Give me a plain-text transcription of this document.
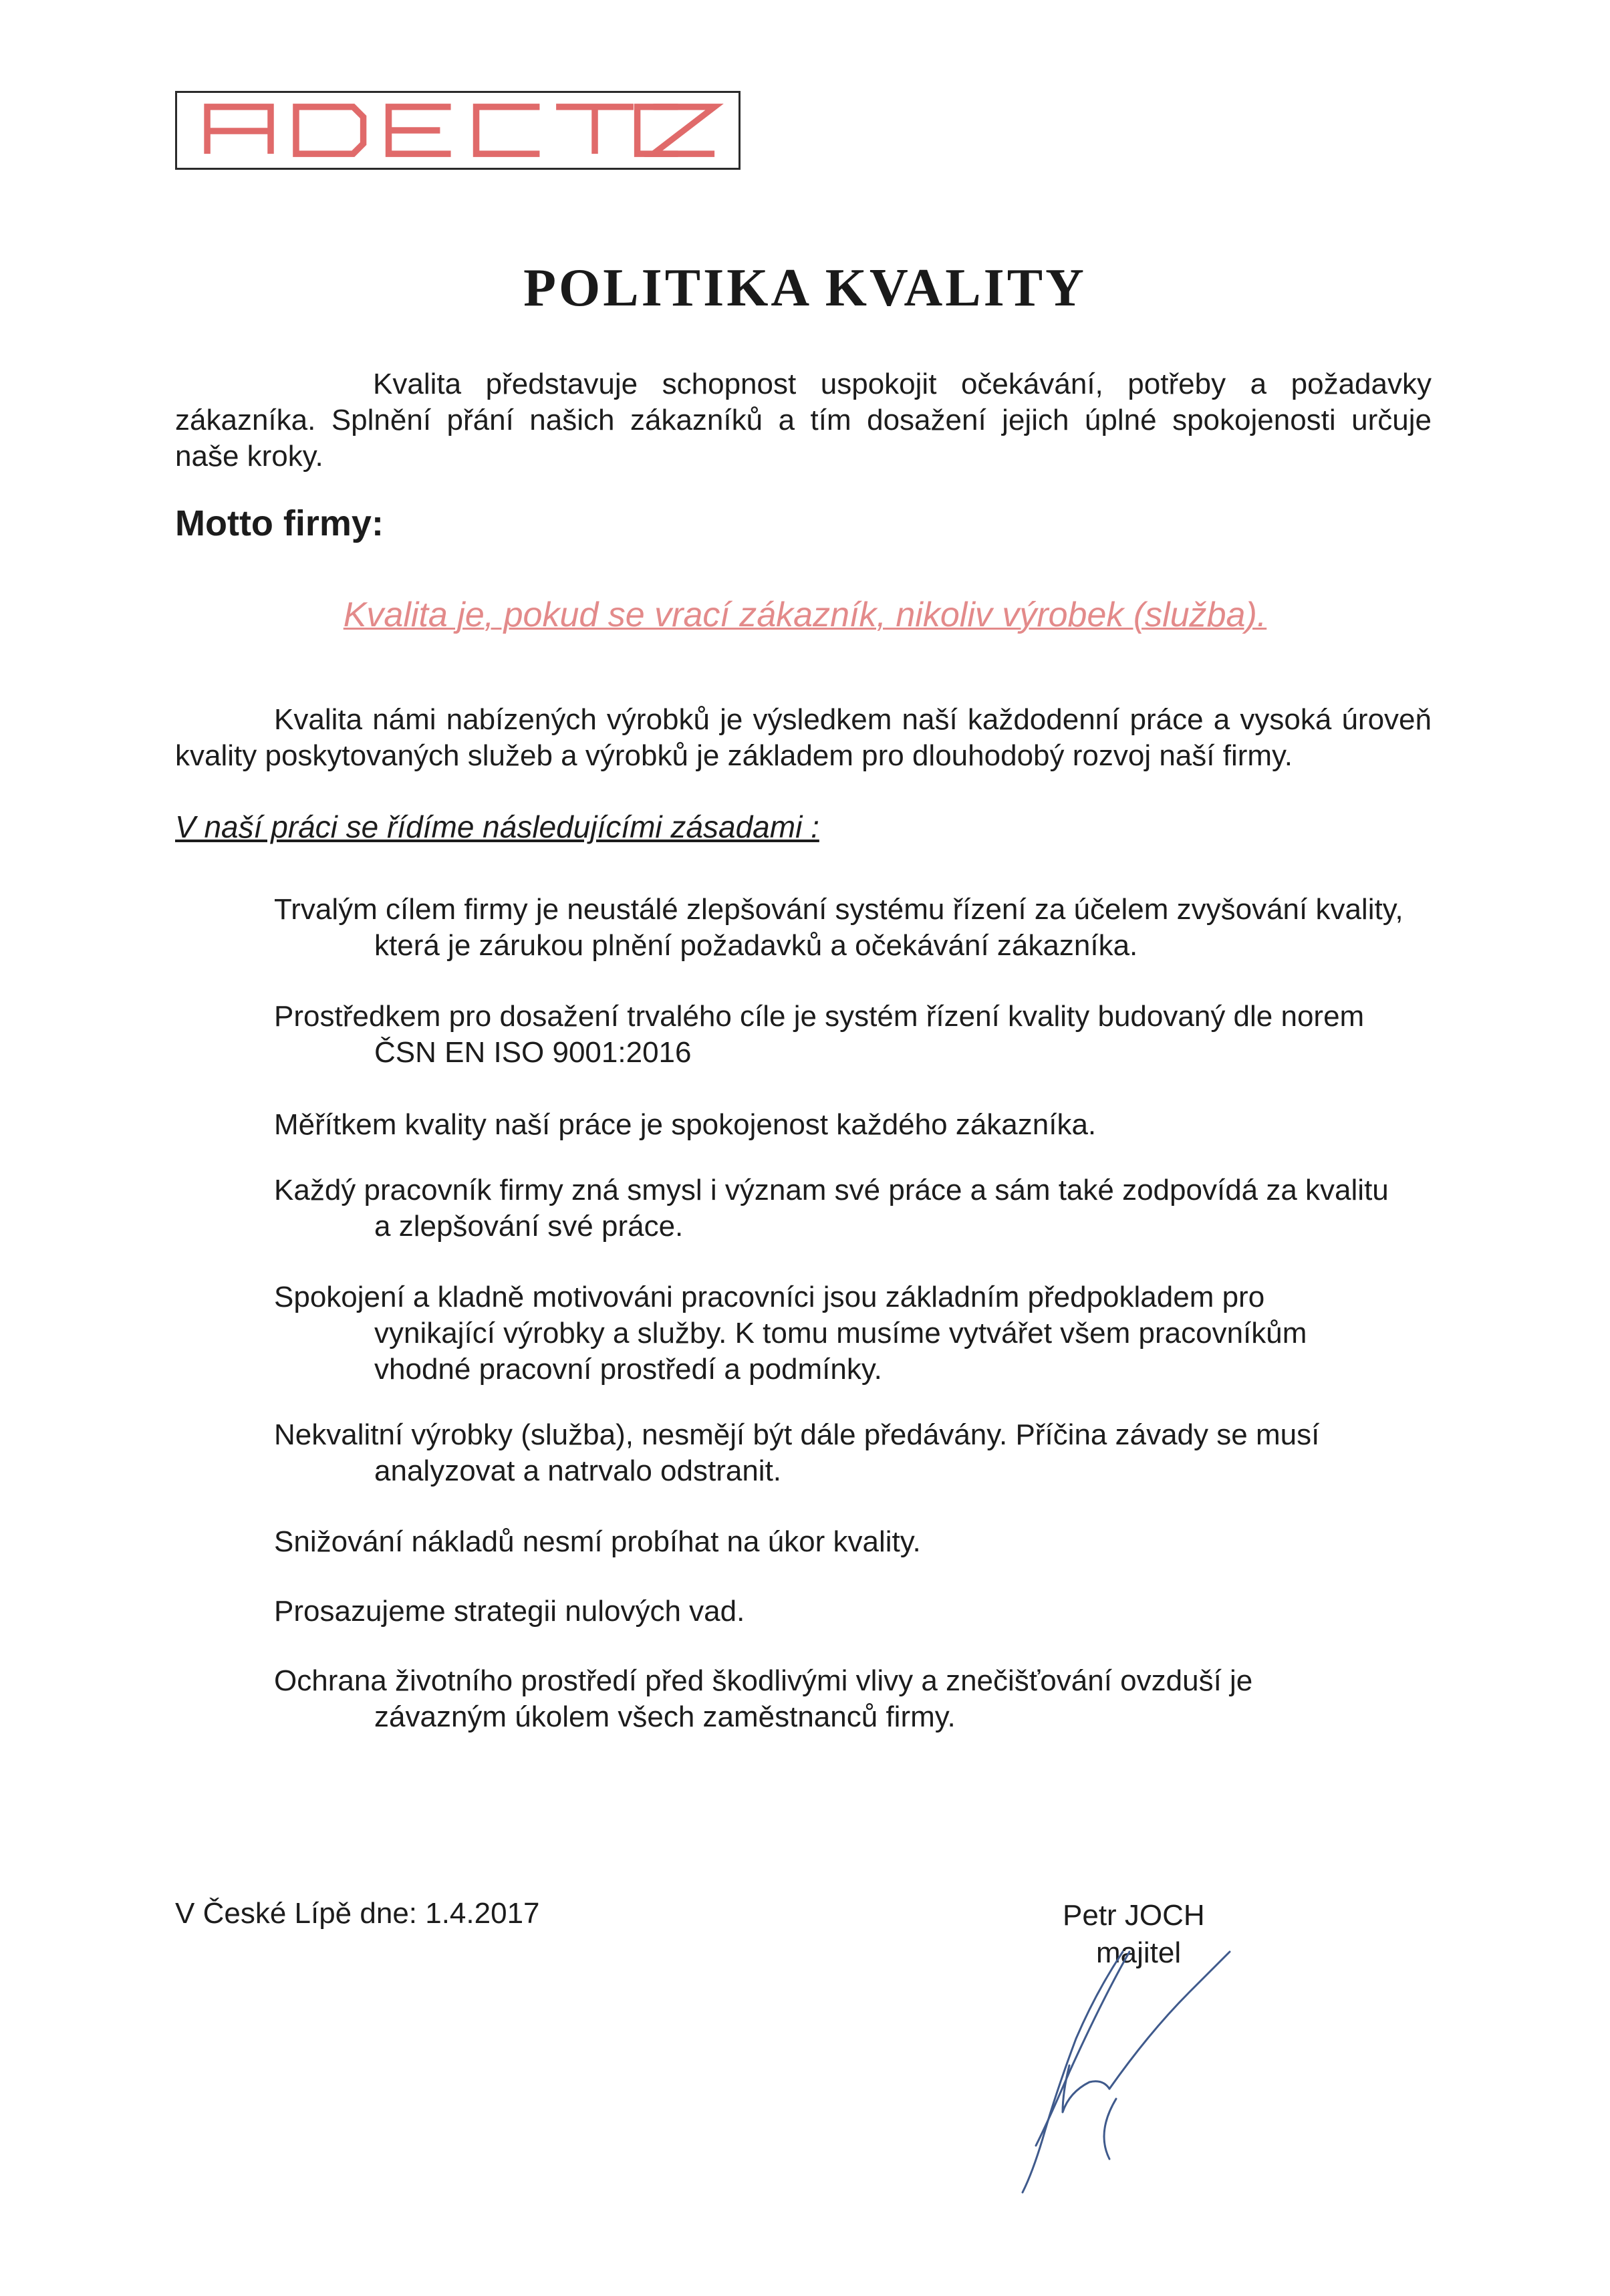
POLITIKA KVALITY
Kvalita představuje schopnost uspokojit očekávání, potřeby a požadavky
zákazníka. Splnění přání našich zákazníků a tím dosažení jejich úplné spokojenosti určuje
naše kroky.
Motto firmy:
Kvalita je, pokud se vrací zákazník, nikoliv výrobek (služba).
Kvalita námi nabízených výrobků je výsledkem naší každodenní práce a vysoká úroveň
kvality poskytovaných služeb a výrobků je základem pro dlouhodobý rozvoj naší firmy.
V naší práci se řídíme následujícími zásadami :
Trvalým cílem firmy je neustálé zlepšování systému řízení za účelem zvyšování kvality,
která je zárukou plnění požadavků a očekávání zákazníka.
Prostředkem pro dosažení trvalého cíle je systém řízení kvality budovaný dle norem
ČSN EN ISO 9001:2016
Měřítkem kvality naší práce je spokojenost každého zákazníka.
Každý pracovník firmy zná smysl i význam své práce a sám také zodpovídá za kvalitu
a zlepšování své práce.
Spokojení a kladně motivováni pracovníci jsou základním předpokladem pro
vynikající výrobky a služby. K tomu musíme vytvářet všem pracovníkům
vhodné pracovní prostředí a podmínky.
Nekvalitní výrobky (služba), nesmějí být dále předávány. Příčina závady se musí
analyzovat a natrvalo odstranit.
Snižování nákladů nesmí probíhat na úkor kvality.
Prosazujeme strategii nulových vad.
Ochrana životního prostředí před škodlivými vlivy a znečišťování ovzduší je
závazným úkolem všech zaměstnanců firmy.
V České Lípě dne: 1.4.2017	Petr JOCH
majitel
